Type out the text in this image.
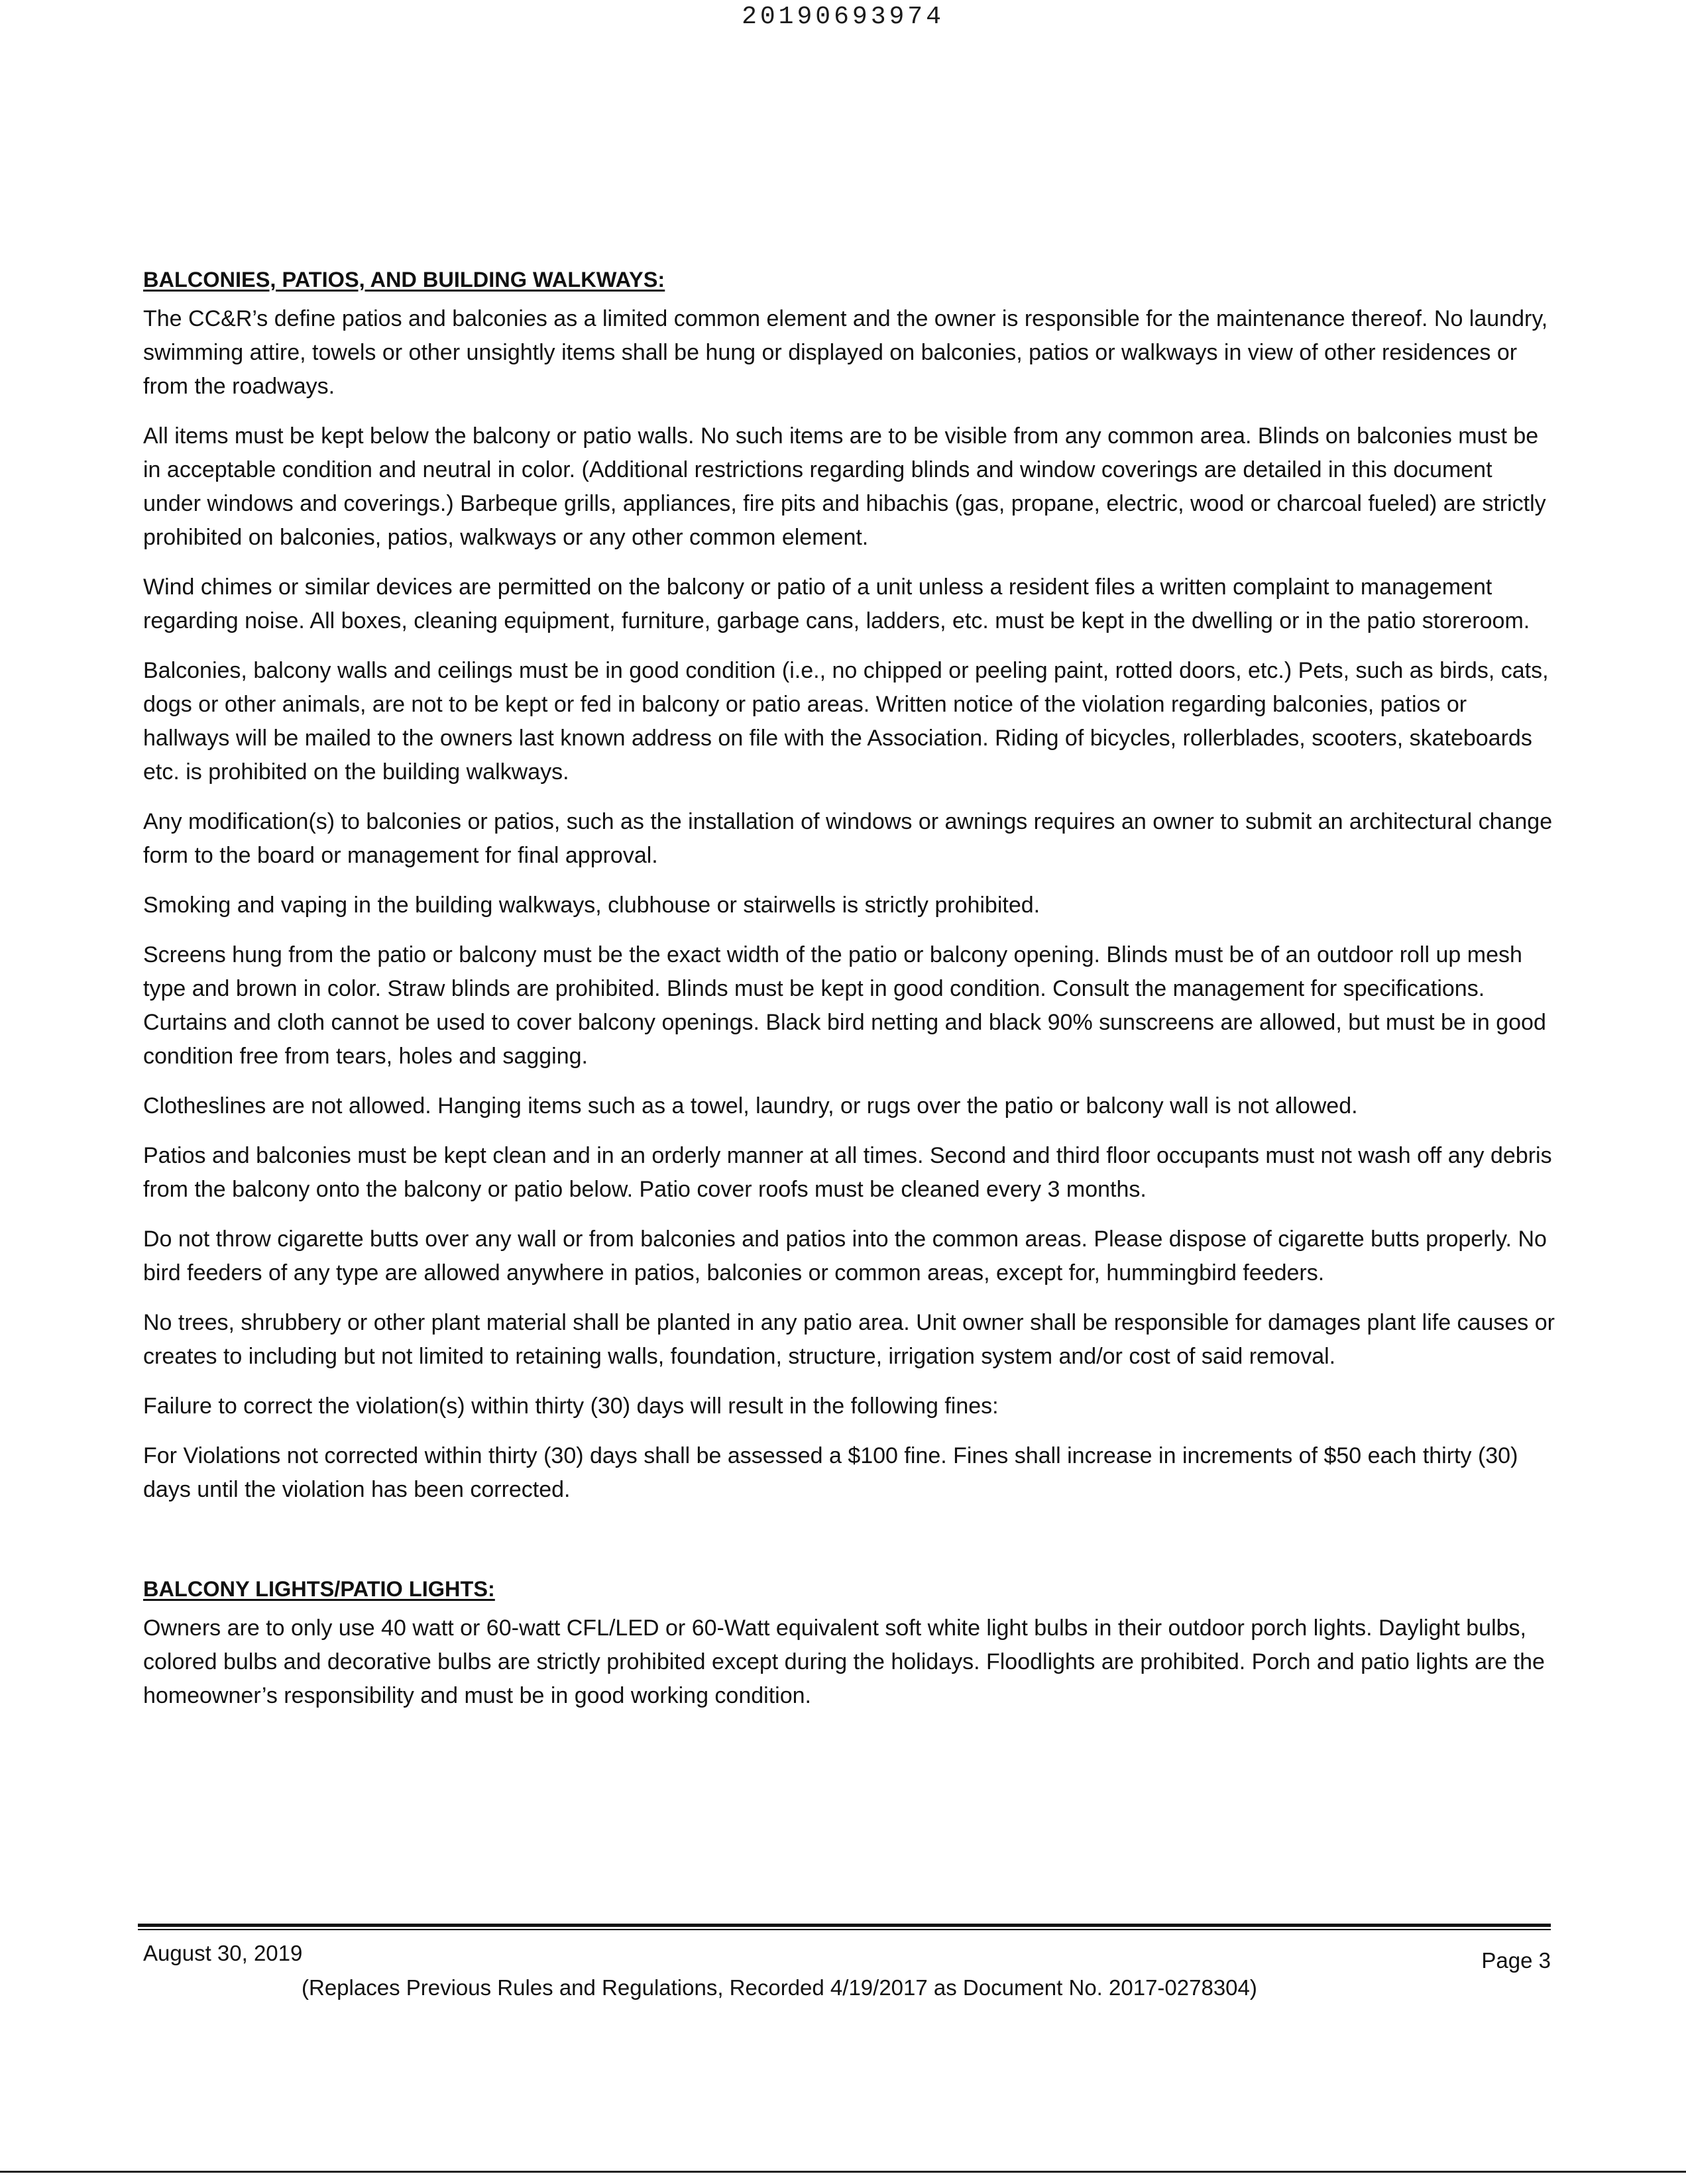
20190693974
BALCONIES, PATIOS, AND BUILDING WALKWAYS:

The CC&R’s define patios and balconies as a limited common element and the owner is responsible for the maintenance thereof. No laundry, swimming attire, towels or other unsightly items shall be hung or displayed on balconies, patios or walkways in view of other residences or from the roadways.

All items must be kept below the balcony or patio walls. No such items are to be visible from any common area. Blinds on balconies must be in acceptable condition and neutral in color. (Additional restrictions regarding blinds and window coverings are detailed in this document under windows and coverings.) Barbeque grills, appliances, fire pits and hibachis (gas, propane, electric, wood or charcoal fueled) are strictly prohibited on balconies, patios, walkways or any other common element.

Wind chimes or similar devices are permitted on the balcony or patio of a unit unless a resident files a written complaint to management regarding noise. All boxes, cleaning equipment, furniture, garbage cans, ladders, etc. must be kept in the dwelling or in the patio storeroom.

Balconies, balcony walls and ceilings must be in good condition (i.e., no chipped or peeling paint, rotted doors, etc.) Pets, such as birds, cats, dogs or other animals, are not to be kept or fed in balcony or patio areas. Written notice of the violation regarding balconies, patios or hallways will be mailed to the owners last known address on file with the Association. Riding of bicycles, rollerblades, scooters, skateboards etc. is prohibited on the building walkways.

Any modification(s) to balconies or patios, such as the installation of windows or awnings requires an owner to submit an architectural change form to the board or management for final approval.

Smoking and vaping in the building walkways, clubhouse or stairwells is strictly prohibited.

Screens hung from the patio or balcony must be the exact width of the patio or balcony opening. Blinds must be of an outdoor roll up mesh type and brown in color. Straw blinds are prohibited. Blinds must be kept in good condition. Consult the management for specifications. Curtains and cloth cannot be used to cover balcony openings. Black bird netting and black 90% sunscreens are allowed, but must be in good condition free from tears, holes and sagging.

Clotheslines are not allowed. Hanging items such as a towel, laundry, or rugs over the patio or balcony wall is not allowed.

Patios and balconies must be kept clean and in an orderly manner at all times. Second and third floor occupants must not wash off any debris from the balcony onto the balcony or patio below. Patio cover roofs must be cleaned every 3 months.

Do not throw cigarette butts over any wall or from balconies and patios into the common areas. Please dispose of cigarette butts properly. No bird feeders of any type are allowed anywhere in patios, balconies or common areas, except for, hummingbird feeders.

No trees, shrubbery or other plant material shall be planted in any patio area. Unit owner shall be responsible for damages plant life causes or creates to including but not limited to retaining walls, foundation, structure, irrigation system and/or cost of said removal.

Failure to correct the violation(s) within thirty (30) days will result in the following fines:

For Violations not corrected within thirty (30) days shall be assessed a $100 fine. Fines shall increase in increments of $50 each thirty (30) days until the violation has been corrected.

BALCONY LIGHTS/PATIO LIGHTS:

Owners are to only use 40 watt or 60-watt CFL/LED or 60-Watt equivalent soft white light bulbs in their outdoor porch lights. Daylight bulbs, colored bulbs and decorative bulbs are strictly prohibited except during the holidays. Floodlights are prohibited. Porch and patio lights are the homeowner’s responsibility and must be in good working condition.

August 30, 2019	Page 3
(Replaces Previous Rules and Regulations, Recorded 4/19/2017 as Document No. 2017-0278304)
